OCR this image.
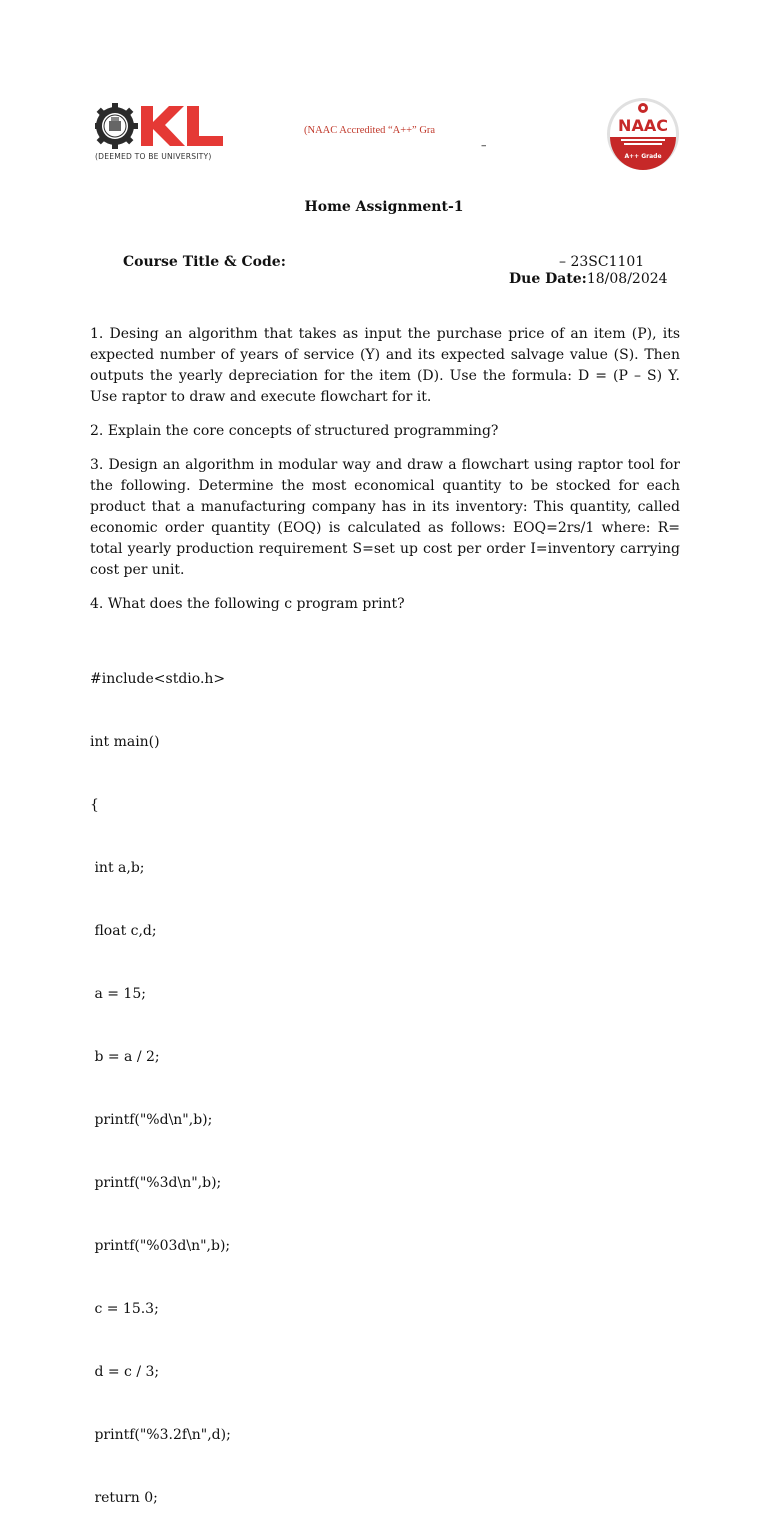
(DEEMED TO BE UNIVERSITY)
(NAAC Accredited “A++” Gra
–
NAAC
A++ Grade
Home Assignment-1
Course Title & Code:	– 23SC1101
Due Date:18/08/2024
1. Desing an algorithm that takes as input the purchase price of an item (P), its expected number of years of service (Y) and its expected salvage value (S). Then outputs the yearly depreciation for the item (D). Use the formula: D = (P – S) Y. Use raptor to draw and execute flowchart for it.
2. Explain the core concepts of structured programming?
3. Design an algorithm in modular way and draw a flowchart using raptor tool for the following. Determine the most economical quantity to be stocked for each product that a manufacturing company has in its inventory: This quantity, called economic order quantity (EOQ) is calculated as follows: EOQ=2rs/1 where: R= total yearly production requirement S=set up cost per order I=inventory carrying cost per unit.
4. What does the following c program print?

#include<stdio.h>

int main()

{

int a,b;

float c,d;

a = 15;

b = a / 2;

printf("%d\n",b);

printf("%3d\n",b);

printf("%03d\n",b);

c = 15.3;

d = c / 3;

printf("%3.2f\n",d);

return 0;
